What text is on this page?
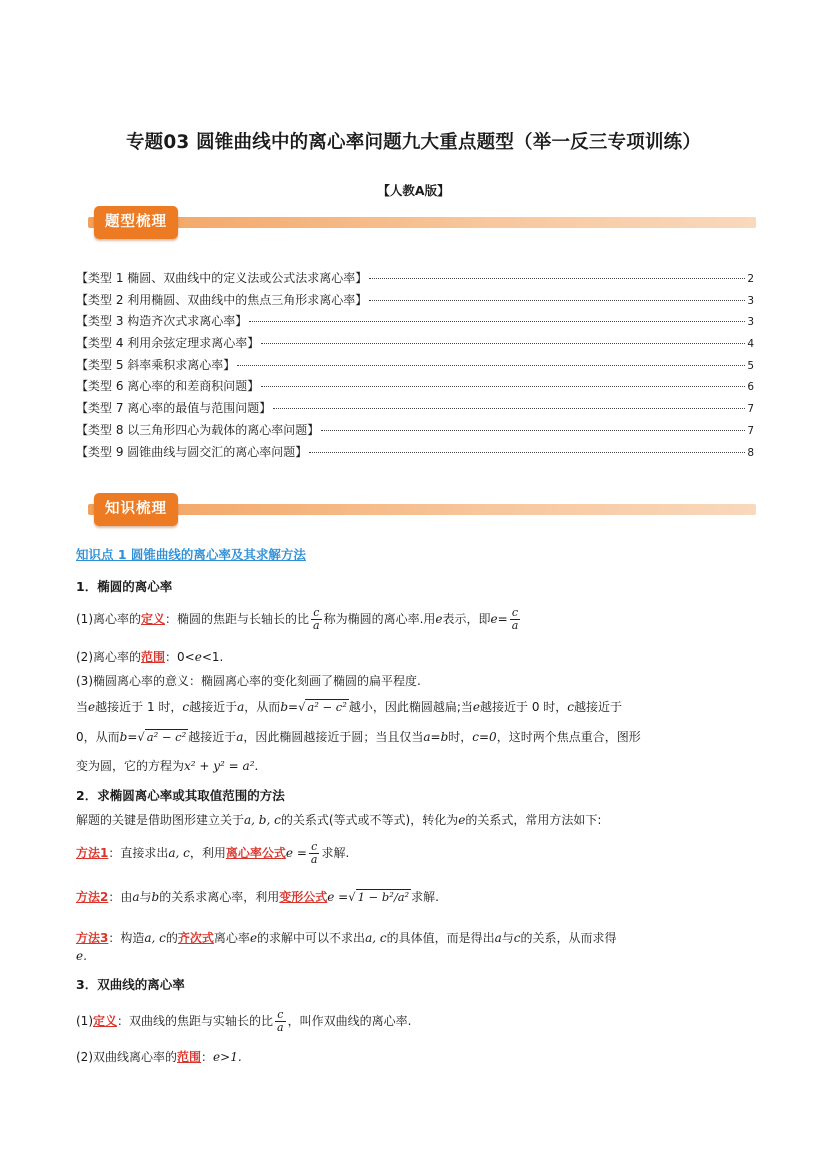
专题03 圆锥曲线中的离心率问题九大重点题型（举一反三专项训练）
【人教A版】
题型梳理
【类型 1 椭圆、双曲线中的定义法或公式法求离心率】	2
【类型 2 利用椭圆、双曲线中的焦点三角形求离心率】	3
【类型 3 构造齐次式求离心率】	3
【类型 4 利用余弦定理求离心率】	4
【类型 5 斜率乘积求离心率】	5
【类型 6 离心率的和差商积问题】	6
【类型 7 离心率的最值与范围问题】	7
【类型 8 以三角形四心为载体的离心率问题】	7
【类型 9 圆锥曲线与圆交汇的离心率问题】	8
知识梳理
知识点 1 圆锥曲线的离心率及其求解方法
1．椭圆的离心率
(1)离心率的定义：椭圆的焦距与长轴长的比 $\frac{c}{a}$ 称为椭圆的离心率.用e表示，即$e= \frac{c}{a}$
(2)离心率的范围：0<e<1.
(3)椭圆离心率的意义：椭圆离心率的变化刻画了椭圆的扁平程度.
当e越接近于 1 时，c越接近于a，从而b=√ a² − c² 越小，因此椭圆越扁;当e越接近于 0 时，c越接近于
0，从而b=√ a² − c² 越接近于a，因此椭圆越接近于圆；当且仅当a=b时，c=0，这时两个焦点重合，图形
变为圆，它的方程为x² + y² = a².
2．求椭圆离心率或其取值范围的方法
解题的关键是借助图形建立关于a, b, c的关系式(等式或不等式)，转化为e的关系式，常用方法如下:
方法1：直接求出a, c，利用离心率公式$e = \frac{c}{a}$ 求解.
方法2：由a与b的关系求离心率，利用变形公式e =√ 1 − b²/a² 求解.
方法3：构造a, c的齐次式离心率e的求解中可以不求出a, c的具体值，而是得出a与c的关系，从而求得
e.
3．双曲线的离心率
(1)定义：双曲线的焦距与实轴长的比 $\frac{c}{a}$ ，叫作双曲线的离心率.
(2)双曲线离心率的范围：e>1.
